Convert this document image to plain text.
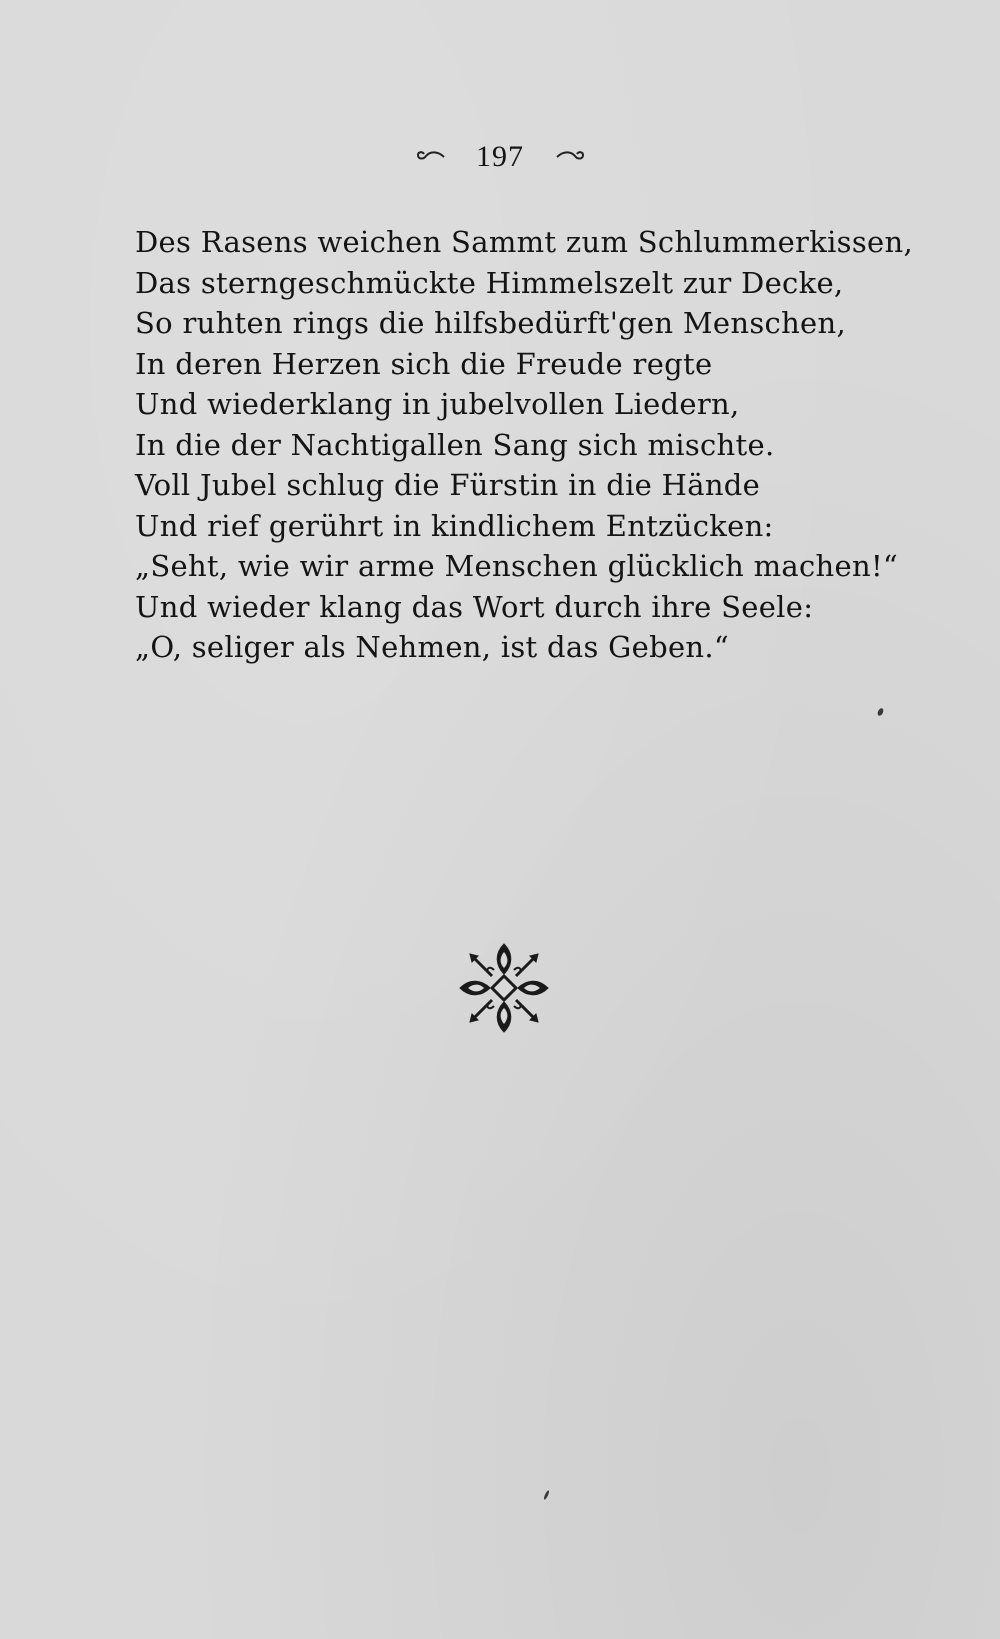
197
Des Rasens weichen Sammt zum Schlummerkissen,
Das sterngeschmückte Himmelszelt zur Decke,
So ruhten rings die hilfsbedürft'gen Menschen,
In deren Herzen sich die Freude regte
Und wiederklang in jubelvollen Liedern,
In die der Nachtigallen Sang sich mischte.
Voll Jubel schlug die Fürstin in die Hände
Und rief gerührt in kindlichem Entzücken:
„Seht, wie wir arme Menschen glücklich machen!“
Und wieder klang das Wort durch ihre Seele:
„O, seliger als Nehmen, ist das Geben.“
